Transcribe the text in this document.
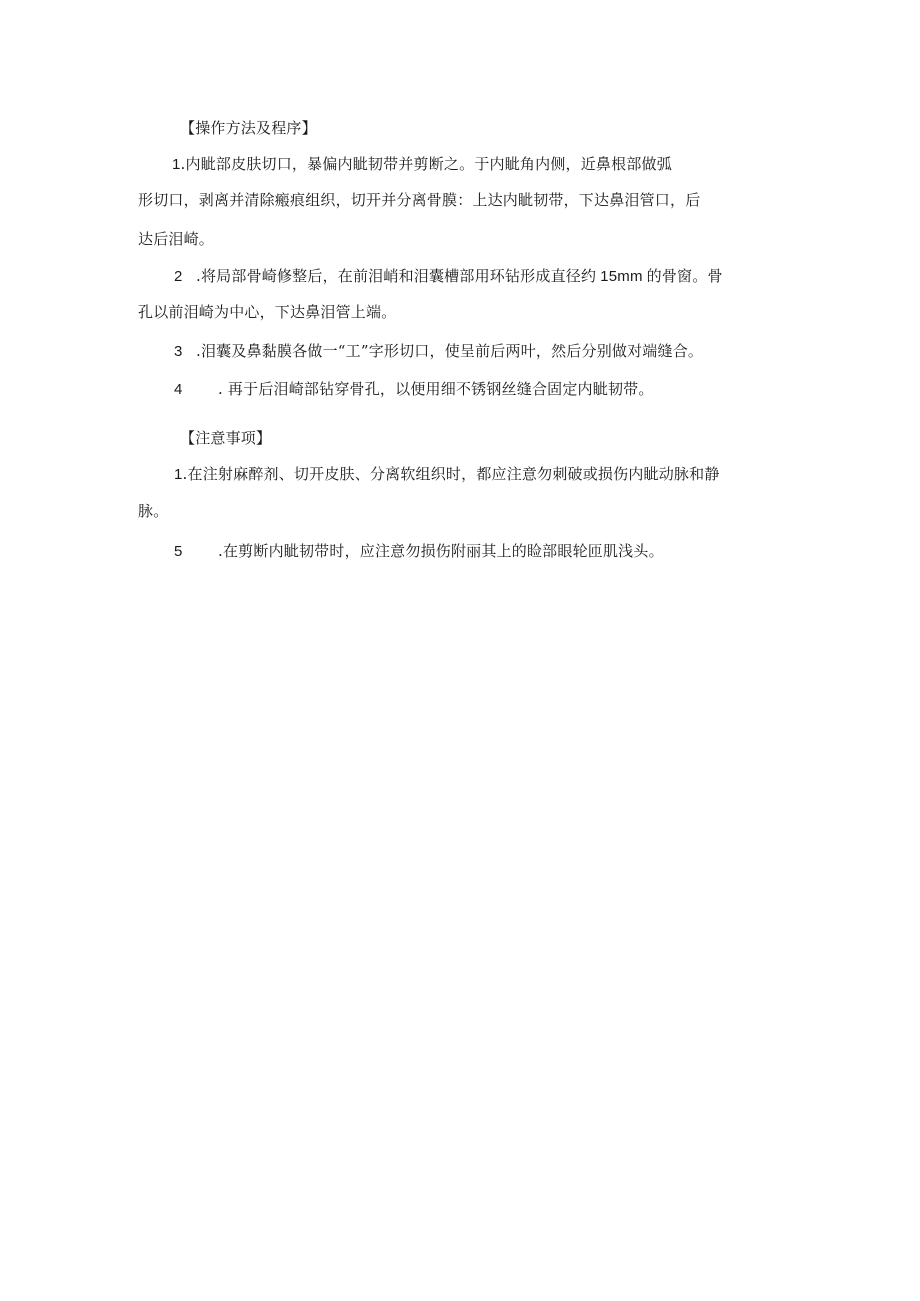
【操作方法及程序】
1.内眦部皮肤切口，暴偏内眦韧带并剪断之。于内眦角内侧，近鼻根部做弧
形切口，剥离并清除瘢痕组织，切开并分离骨膜：上达内眦韧带，下达鼻泪管口，后
达后泪崎。
2 .将局部骨崎修整后，在前泪峭和泪囊槽部用环钻形成直径约 15mm 的骨窗。骨
孔以前泪崎为中心，下达鼻泪管上端。
3 .泪囊及鼻黏膜各做一“工”字形切口，使呈前后两叶，然后分别做对端缝合。
4 . 再于后泪崎部钻穿骨孔，以便用细不锈钢丝缝合固定内眦韧带。
【注意事项】
1.在注射麻醉剂、切开皮肤、分离软组织时，都应注意勿刺破或损伤内眦动脉和静
脉。
5 .在剪断内眦韧带时，应注意勿损伤附丽其上的睑部眼轮匝肌浅头。
